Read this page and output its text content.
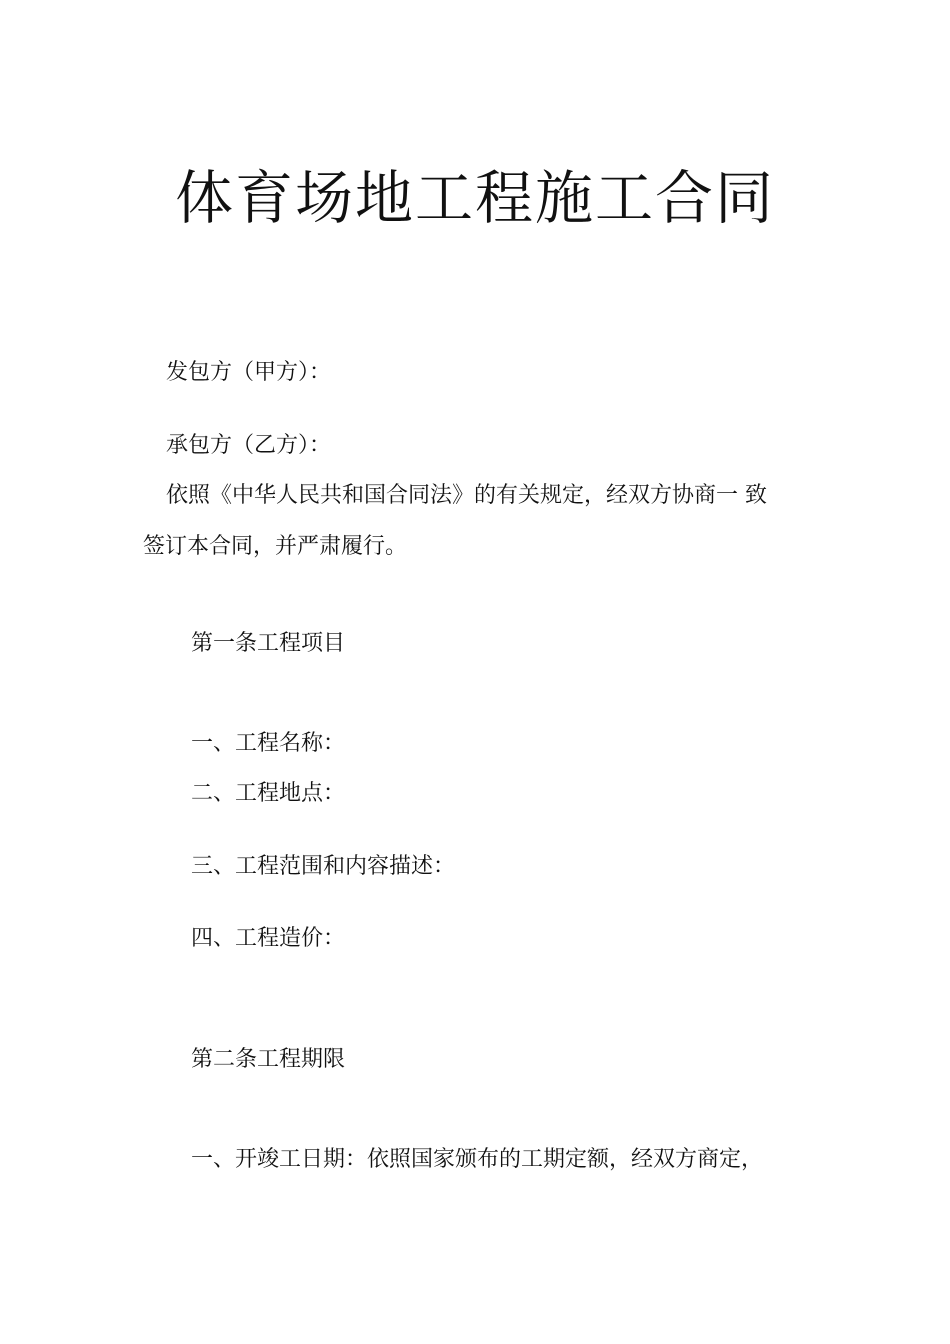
体育场地工程施工合同

发包方（甲方）：

承包方（乙方）：

依照《中华人民共和国合同法》的有关规定，经双方协商一 致

签订本合同，并严肃履行。

第一条工程项目

一、工程名称：

二、工程地点：

三、工程范围和内容描述：

四、工程造价：

第二条工程期限

一、开竣工日期：依照国家颁布的工期定额，经双方商定，
